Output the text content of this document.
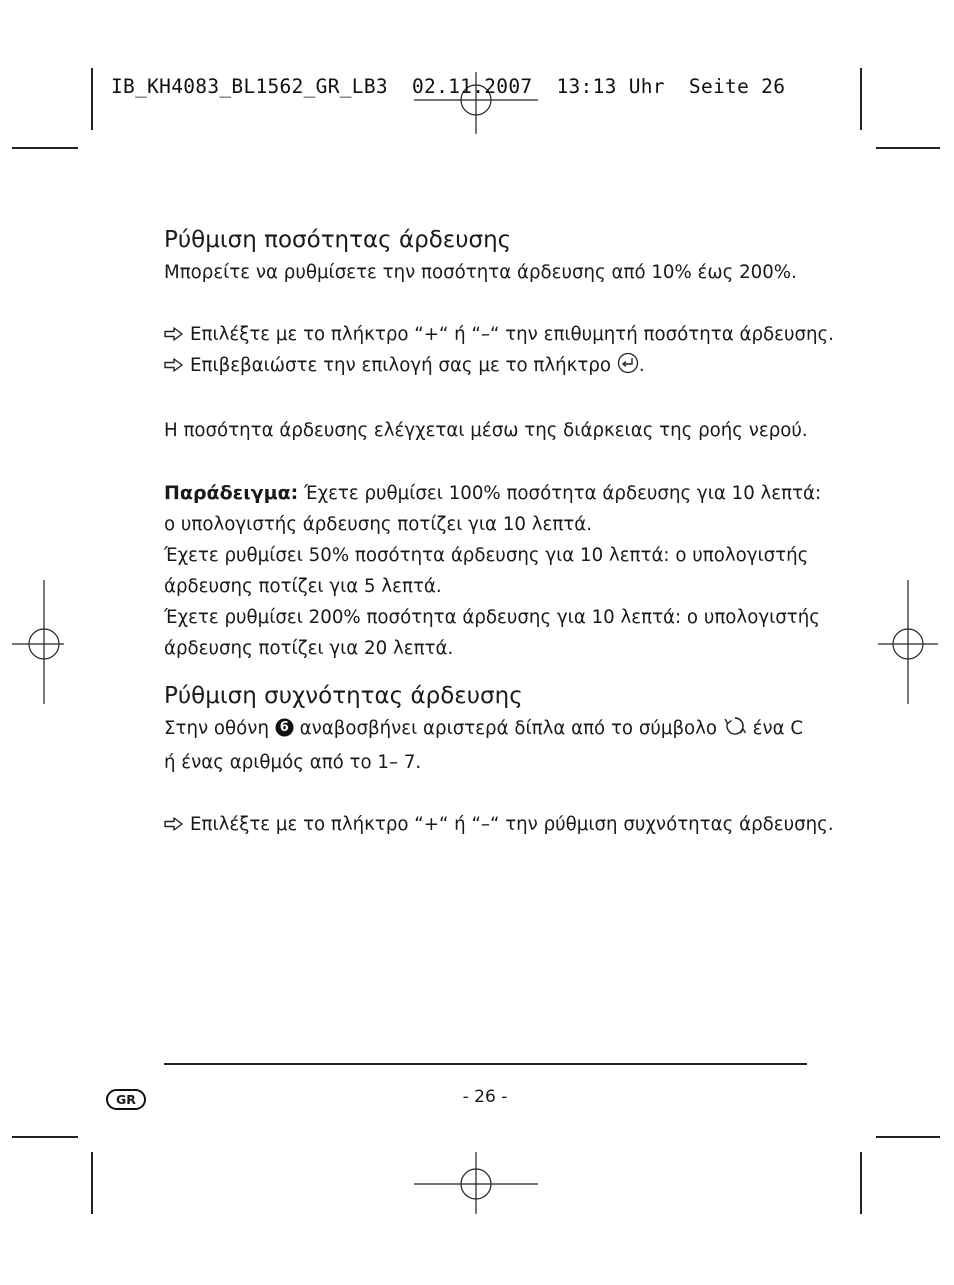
IB_KH4083_BL1562_GR_LB3  02.11.2007  13:13 Uhr  Seite 26
Ρύθμιση ποσότητας άρδευσης

Μπορείτε να ρυθμίσετε την ποσότητα άρδευσης από 10% έως 200%.

Επιλέξτε με το πλήκτρο “+“ ή “–“ την επιθυμητή ποσότητα άρδευσης.

Επιβεβαιώστε την επιλογή σας με το πλήκτρο .

Η ποσότητα άρδευσης ελέγχεται μέσω της διάρκειας της ροής νερού.

Παράδειγμα: Έχετε ρυθμίσει 100% ποσότητα άρδευσης για 10 λεπτά:

ο υπολογιστής άρδευσης ποτίζει για 10 λεπτά.

Έχετε ρυθμίσει 50% ποσότητα άρδευσης για 10 λεπτά: ο υπολογιστής

άρδευσης ποτίζει για 5 λεπτά.

Έχετε ρυθμίσει 200% ποσότητα άρδευσης για 10 λεπτά: ο υπολογιστής

άρδευσης ποτίζει για 20 λεπτά.

Ρύθμιση συχνότητας άρδευσης

Στην οθόνη 6 αναβοσβήνει αριστερά δίπλα από το σύμβολο ένα C

ή ένας αριθμός από το 1– 7.

Επιλέξτε με το πλήκτρο “+“ ή “–“ την ρύθμιση συχνότητας άρδευσης.

GR	- 26 -
